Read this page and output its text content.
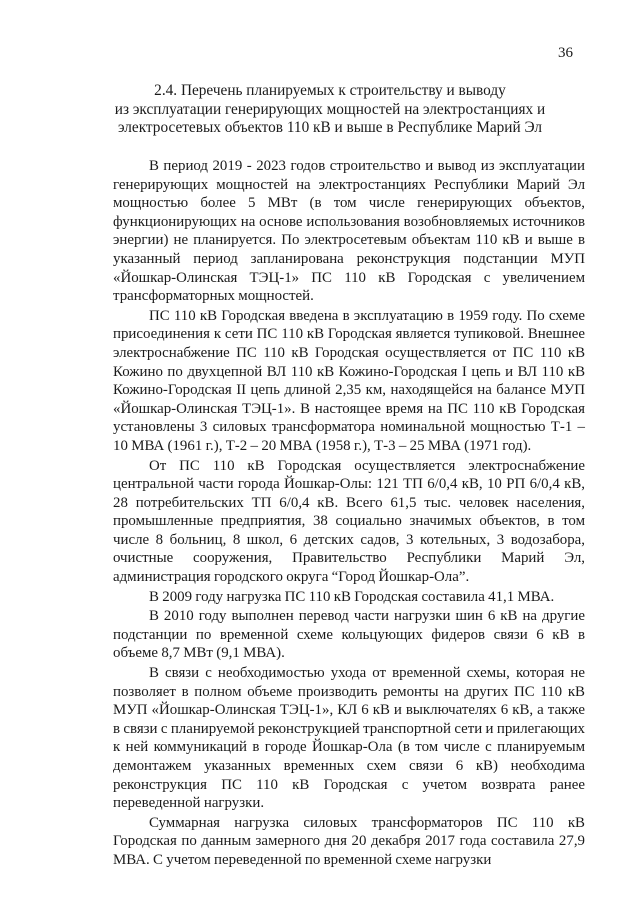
36
2.4. Перечень планируемых к строительству и выводу
из эксплуатации генерирующих мощностей на электростанциях и
электросетевых объектов 110 кВ и выше в Республике Марий Эл

В период 2019 - 2023 годов строительство и вывод из эксплуатации генерирующих мощностей на электростанциях Республики Марий Эл мощностью более 5 МВт (в том числе генерирующих объектов, функционирующих на основе использования возобновляемых источников энергии) не планируется. По электросетевым объектам 110 кВ и выше в указанный период запланирована реконструкция подстанции МУП «Йошкар-Олинская ТЭЦ-1» ПС 110 кВ Городская с увеличением трансформаторных мощностей.

ПС 110 кВ Городская введена в эксплуатацию в 1959 году. По схеме присоединения к сети ПС 110 кВ Городская является тупиковой. Внешнее электроснабжение ПС 110 кВ Городская осуществляется от ПС 110 кВ Кожино по двухцепной ВЛ 110 кВ Кожино-Городская I цепь и ВЛ 110 кВ Кожино-Городская II цепь длиной 2,35 км, находящейся на балансе МУП «Йошкар-Олинская ТЭЦ-1». В настоящее время на ПС 110 кВ Городская установлены 3 силовых трансформатора номинальной мощностью Т-1 – 10 МВА (1961 г.), Т-2 – 20 МВА (1958 г.), Т-3 – 25 МВА (1971 год).

От ПС 110 кВ Городская осуществляется электроснабжение центральной части города Йошкар-Олы: 121 ТП 6/0,4 кВ, 10 РП 6/0,4 кВ, 28 потребительских ТП 6/0,4 кВ. Всего 61,5 тыс. человек населения, промышленные предприятия, 38 социально значимых объектов, в том числе 8 больниц, 8 школ, 6 детских садов, 3 котельных, 3 водозабора, очистные сооружения, Правительство Республики Марий Эл, администрация городского округа “Город Йошкар-Ола”.

В 2009 году нагрузка ПС 110 кВ Городская составила 41,1 МВА.

В 2010 году выполнен перевод части нагрузки шин 6 кВ на другие подстанции по временной схеме кольцующих фидеров связи 6 кВ в объеме 8,7 МВт (9,1 МВА).

В связи с необходимостью ухода от временной схемы, которая не позволяет в полном объеме производить ремонты на других ПС 110 кВ МУП «Йошкар-Олинская ТЭЦ-1», КЛ 6 кВ и выключателях 6 кВ, а также в связи с планируемой реконструкцией транспортной сети и прилегающих к ней коммуникаций в городе Йошкар-Ола (в том числе с планируемым демонтажем указанных временных схем связи 6 кВ) необходима реконструкция ПС 110 кВ Городская с учетом возврата ранее переведенной нагрузки.

Суммарная нагрузка силовых трансформаторов ПС 110 кВ Городская по данным замерного дня 20 декабря 2017 года составила 27,9 МВА. С учетом переведенной по временной схеме нагрузки
